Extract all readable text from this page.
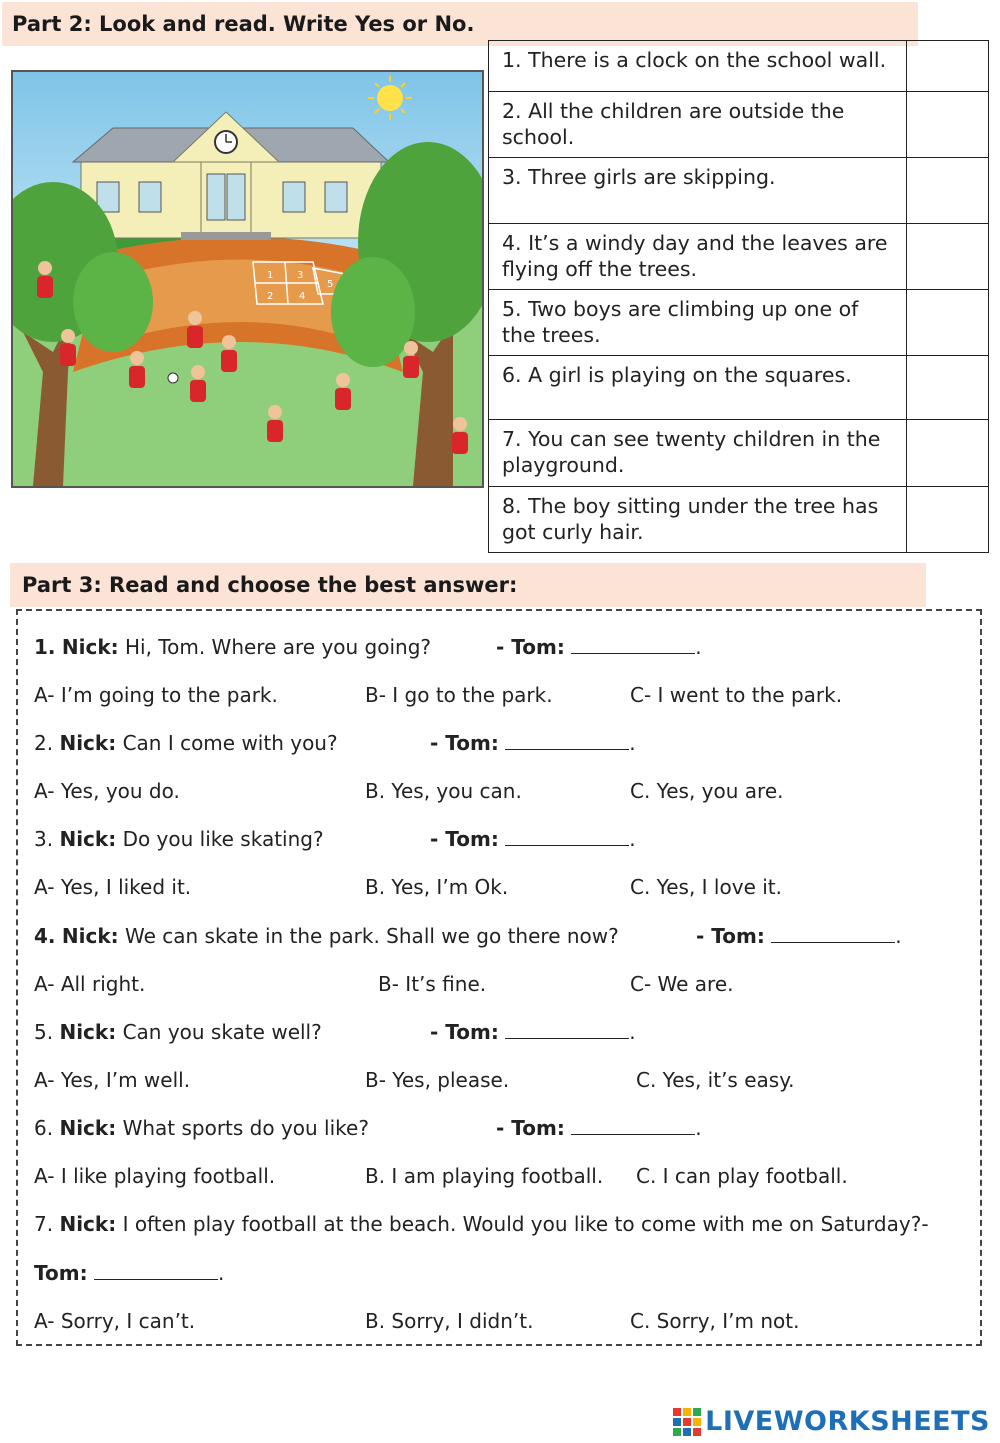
Part 2: Look and read. Write Yes or No.
1 3
2	4
5
1. There is a clock on the school wall.	
2. All the children are outside the school.	
3. Three girls are skipping.	
4. It’s a windy day and the leaves are flying off the trees.	
5. Two boys are climbing up one of the trees.	
6. A girl is playing on the squares.	
7. You can see twenty children in the playground.	
8. The boy sitting under the tree has got curly hair.	
Part 3: Read and choose the best answer:
1. Nick: Hi, Tom. Where are you going?	- Tom:	.
A- I’m going to the park.	B- I go to the park.	C- I went to the park.
2. Nick: Can I come with you?	- Tom:	.
A- Yes, you do.	B. Yes, you can.	C. Yes, you are.
3. Nick: Do you like skating?	- Tom:	.
A- Yes, I liked it.	B. Yes, I’m Ok.	C. Yes, I love it.
4. Nick: We can skate in the park. Shall we go there now?	- Tom:	.
A- All right.	B- It’s fine.	C- We are.
5. Nick: Can you skate well?	- Tom:	.
A- Yes, I’m well.	B- Yes, please.	C. Yes, it’s easy.
6. Nick: What sports do you like?	- Tom:	.
A- I like playing football.	B. I am playing football. C. I can play football.
7. Nick: I often play football at the beach. Would you like to come with me on Saturday?-
Tom:	.
A- Sorry, I can’t.	B. Sorry, I didn’t.	C. Sorry, I’m not.
LIVEWORKSHEETS
